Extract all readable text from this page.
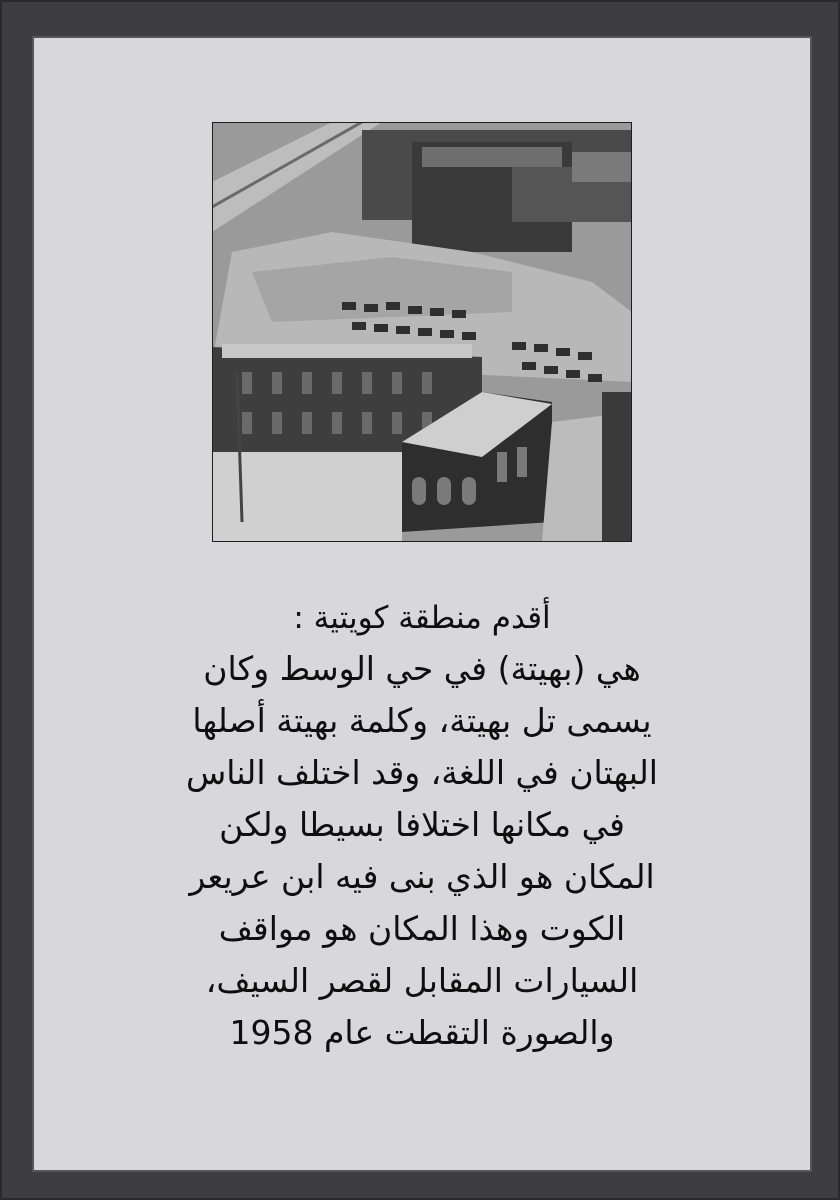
أقدم منطقة كويتية :

هي (بهيتة) في حي الوسط وكان

يسمى تل بهيتة، وكلمة بهيتة أصلها

البهتان في اللغة، وقد اختلف الناس

في مكانها اختلافا بسيطا ولكن

المكان هو الذي بنى فيه ابن عريعر

الكوت وهذا المكان هو مواقف

السيارات المقابل لقصر السيف،

والصورة التقطت عام 1958
